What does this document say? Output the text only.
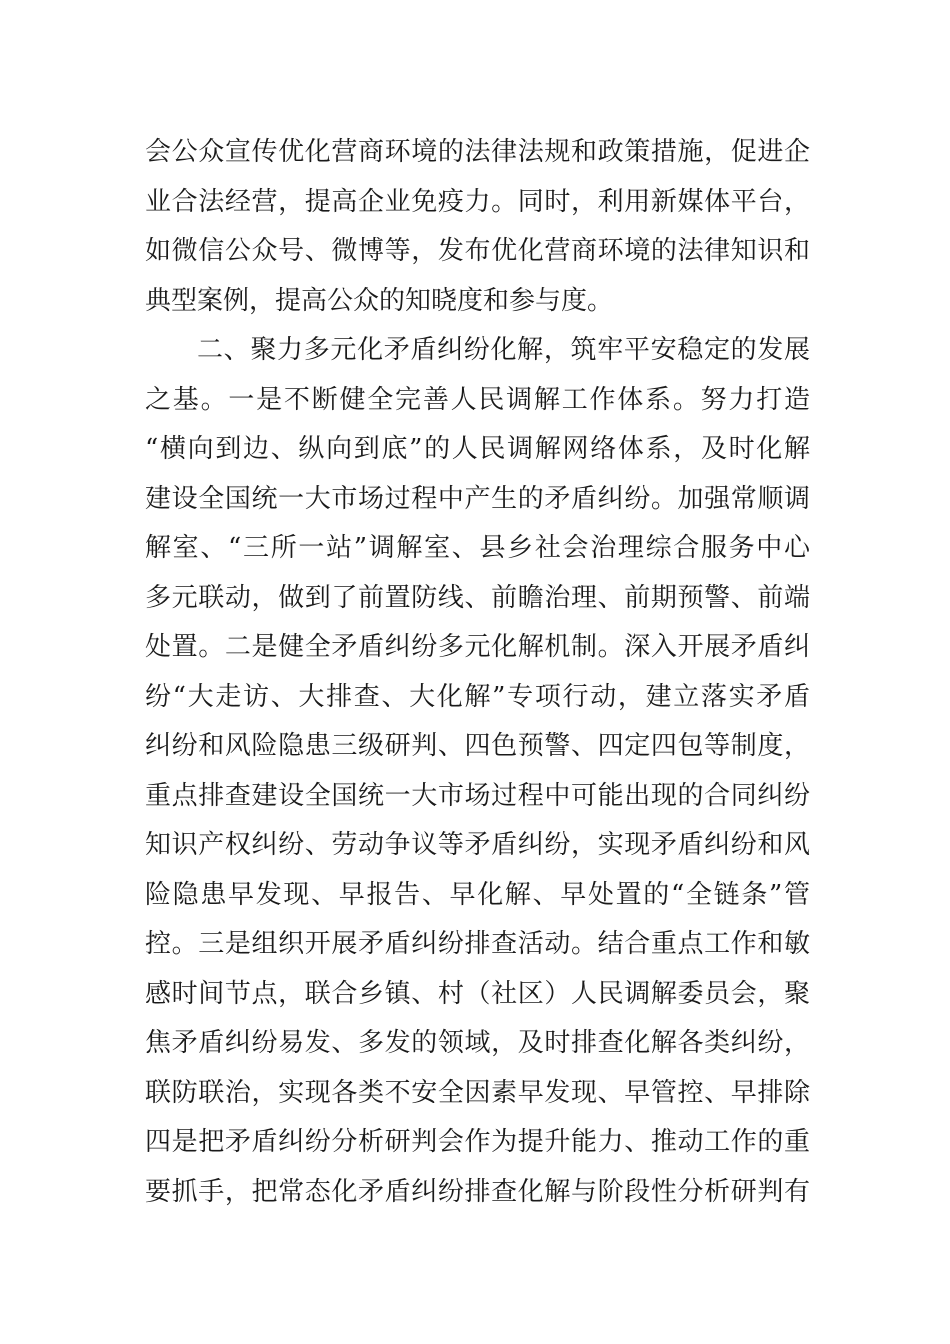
会公众宣传优化营商环境的法律法规和政策措施，促进企
业合法经营，提高企业免疫力。同时，利用新媒体平台，
如微信公众号、微博等，发布优化营商环境的法律知识和
典型案例，提高公众的知晓度和参与度。
二、聚力多元化矛盾纠纷化解，筑牢平安稳定的发展
之基。一是不断健全完善人民调解工作体系。努力打造
“横向到边、纵向到底”的人民调解网络体系，及时化解
建设全国统一大市场过程中产生的矛盾纠纷。加强常顺调
解室、“三所一站”调解室、县乡社会治理综合服务中心
多元联动，做到了前置防线、前瞻治理、前期预警、前端
处置。二是健全矛盾纠纷多元化解机制。深入开展矛盾纠
纷“大走访、大排查、大化解”专项行动，建立落实矛盾
纠纷和风险隐患三级研判、四色预警、四定四包等制度，
重点排查建设全国统一大市场过程中可能出现的合同纠纷
知识产权纠纷、劳动争议等矛盾纠纷，实现矛盾纠纷和风
险隐患早发现、早报告、早化解、早处置的“全链条”管
控。三是组织开展矛盾纠纷排查活动。结合重点工作和敏
感时间节点，联合乡镇、村（社区）人民调解委员会，聚
焦矛盾纠纷易发、多发的领域，及时排查化解各类纠纷，
联防联治，实现各类不安全因素早发现、早管控、早排除
四是把矛盾纠纷分析研判会作为提升能力、推动工作的重
要抓手，把常态化矛盾纠纷排查化解与阶段性分析研判有
